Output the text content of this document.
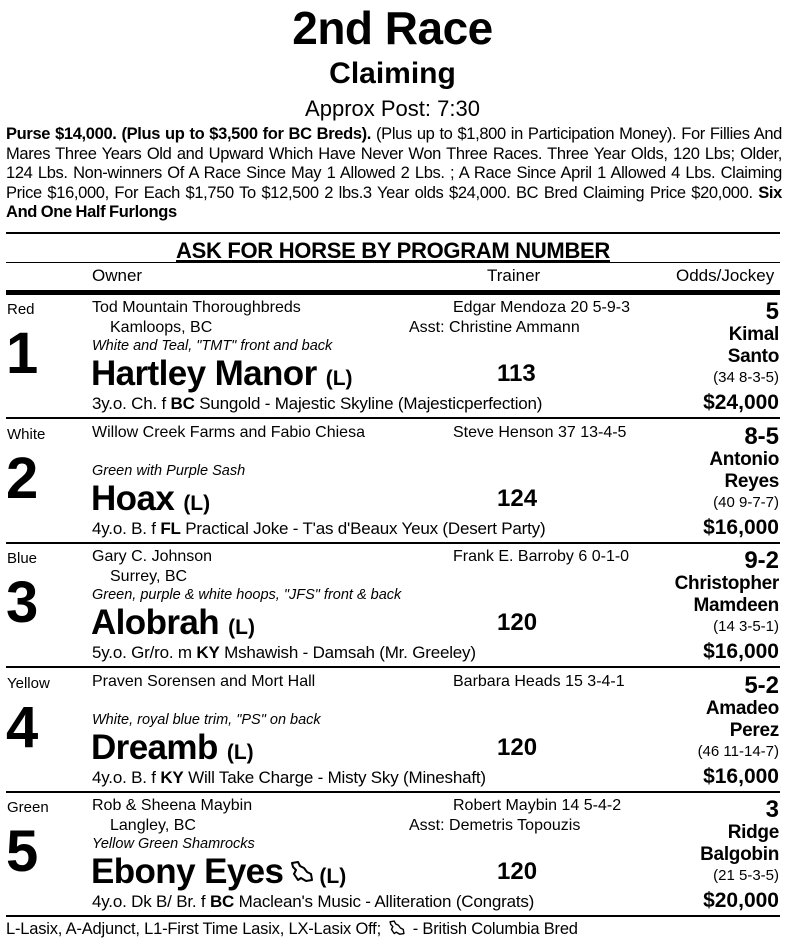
2nd Race
Claiming
Approx Post: 7:30
Purse $14,000. (Plus up to $3,500 for BC Breds). (Plus up to $1,800 in Participation Money). For Fillies And Mares Three Years Old and Upward Which Have Never Won Three Races. Three Year Olds, 120 Lbs; Older, 124 Lbs. Non-winners Of A Race Since May 1 Allowed 2 Lbs. ; A Race Since April 1 Allowed 4 Lbs. Claiming Price $16,000, For Each $1,750 To $12,500 2 lbs.3 Year olds $24,000. BC Bred Claiming Price $20,000. Six And One Half Furlongs
ASK FOR HORSE BY PROGRAM NUMBER
Owner	Trainer	Odds/Jockey
Red
1
Tod Mountain Thoroughbreds
Kamloops, BC
White and Teal, "TMT" front and back
Hartley Manor (L)
Edgar Mendoza 20 5-9-3
Asst: Christine Ammann
113
3y.o. Ch. f BC Sungold - Majestic Skyline (Majesticperfection)
5
Kimal
Santo
(34 8-3-5)
$24,000
White
2
Willow Creek Farms and Fabio Chiesa
Green with Purple Sash
Hoax (L)
Steve Henson 37 13-4-5
124
4y.o. B. f FL Practical Joke - T'as d'Beaux Yeux (Desert Party)
8-5
Antonio
Reyes
(40 9-7-7)
$16,000
Blue
3
Gary C. Johnson
Surrey, BC
Green, purple & white hoops, "JFS" front & back
Alobrah (L)
Frank E. Barroby 6 0-1-0
120
5y.o. Gr/ro. m KY Mshawish - Damsah (Mr. Greeley)
9-2
Christopher
Mamdeen
(14 3-5-1)
$16,000
Yellow
4
Praven Sorensen and Mort Hall
White, royal blue trim, "PS" on back
Dreamb (L)
Barbara Heads 15 3-4-1
120
4y.o. B. f KY Will Take Charge - Misty Sky (Mineshaft)
5-2
Amadeo
Perez
(46 11-14-7)
$16,000
Green
5
Rob & Sheena Maybin
Langley, BC
Yellow Green Shamrocks
Ebony Eyes (L)
Robert Maybin 14 5-4-2
Asst: Demetris Topouzis
120
4y.o. Dk B/ Br. f BC Maclean's Music - Alliteration (Congrats)
3
Ridge
Balgobin
(21 5-3-5)
$20,000
L-Lasix, A-Adjunct, L1-First Time Lasix, LX-Lasix Off;  - British Columbia Bred
